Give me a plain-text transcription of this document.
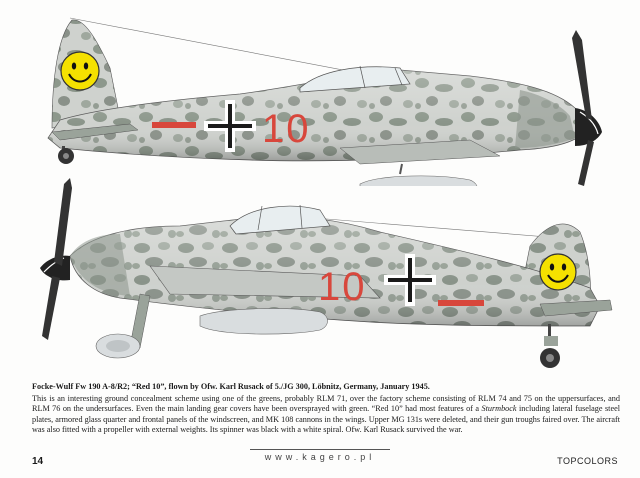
10
10
Focke-Wulf Fw 190 A-8/R2; “Red 10”, flown by Ofw. Karl Rusack of 5./JG 300, Löbnitz, Germany, January 1945.

This is an interesting ground concealment scheme using one of the greens, probably RLM 71, over the factory scheme consisting of RLM 74 and 75 on the uppersurfaces, and RLM 76 on the undersurfaces. Even the main landing gear covers have been oversprayed with green. “Red 10” had most features of a Sturmbock including lateral fuselage steel plates, armored glass quarter and frontal panels of the windscreen, and MK 108 cannons in the wings. Upper MG 131s were deleted, and their gun troughs faired over. The aircraft was also fitted with a propeller with external weights. Its spinner was black with a white spiral. Ofw. Karl Rusack survived the war.

14	www.kagero.pl	TOPCOLORS
